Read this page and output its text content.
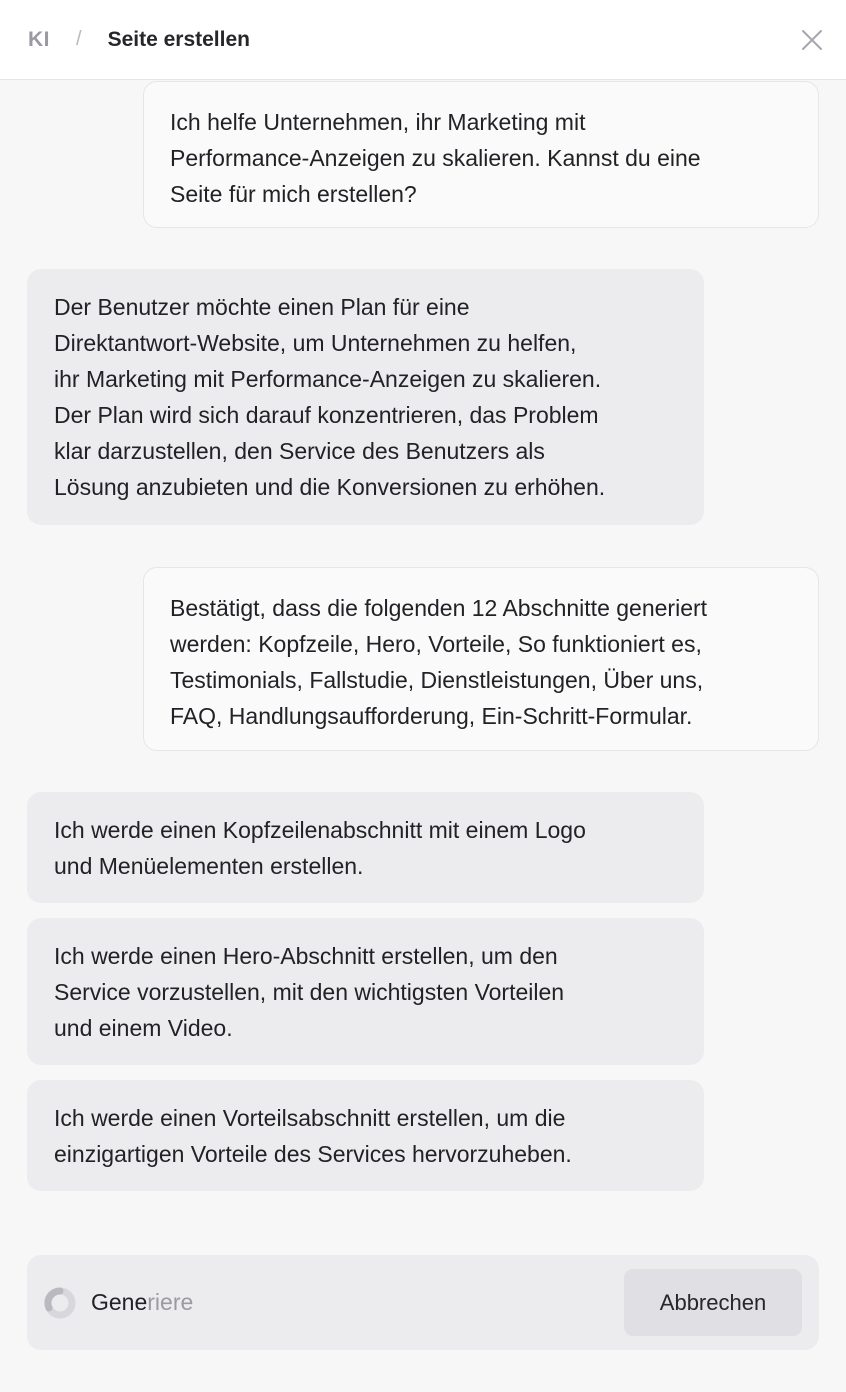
KI / Seite erstellen
Ich helfe Unternehmen, ihr Marketing mit
Performance-Anzeigen zu skalieren. Kannst du eine
Seite für mich erstellen?
Der Benutzer möchte einen Plan für eine
Direktantwort-Website, um Unternehmen zu helfen,
ihr Marketing mit Performance-Anzeigen zu skalieren.
Der Plan wird sich darauf konzentrieren, das Problem
klar darzustellen, den Service des Benutzers als
Lösung anzubieten und die Konversionen zu erhöhen.
Bestätigt, dass die folgenden 12 Abschnitte generiert
werden: Kopfzeile, Hero, Vorteile, So funktioniert es,
Testimonials, Fallstudie, Dienstleistungen, Über uns,
FAQ, Handlungsaufforderung, Ein-Schritt-Formular.
Ich werde einen Kopfzeilenabschnitt mit einem Logo
und Menüelementen erstellen.
Ich werde einen Hero-Abschnitt erstellen, um den
Service vorzustellen, mit den wichtigsten Vorteilen
und einem Video.
Ich werde einen Vorteilsabschnitt erstellen, um die
einzigartigen Vorteile des Services hervorzuheben.
Generiere	Abbrechen
